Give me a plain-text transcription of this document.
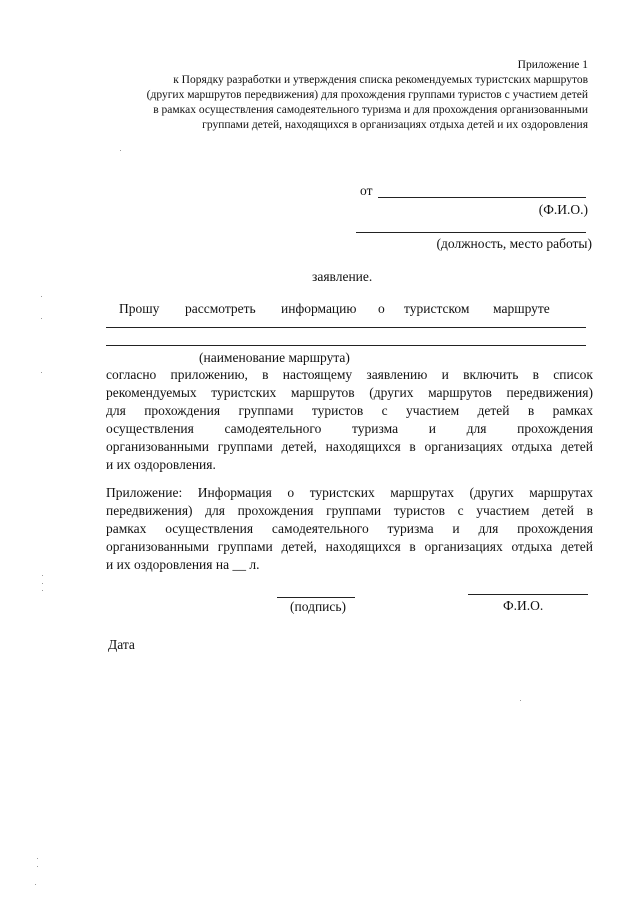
Приложение 1
к Порядку разработки и утверждения списка рекомендуемых туристских маршрутов
(других маршрутов передвижения) для прохождения группами туристов с участием детей
в рамках осуществления самодеятельного туризма и для прохождения организованными
группами детей, находящихся в организациях отдыха детей и их оздоровления
от
(Ф.И.О.)
(должность, место работы)
заявление.
Прошу рассмотреть информацию о туристском маршруте
(наименование маршрута)
согласно приложению, в настоящему заявлению и включить в список
рекомендуемых туристских маршрутов (других маршрутов передвижения)
для прохождения группами туристов с участием детей в рамках
осуществления самодеятельного туризма и для прохождения
организованными группами детей, находящихся в организациях отдыха детей
и их оздоровления.
Приложение: Информация о туристских маршрутах (других маршрутах
передвижения) для прохождения группами туристов с участием детей в
рамках осуществления самодеятельного туризма и для прохождения
организованными группами детей, находящихся в организациях отдыха детей
и их оздоровления на __ л.
(подпись)	Ф.И.О.
Дата
